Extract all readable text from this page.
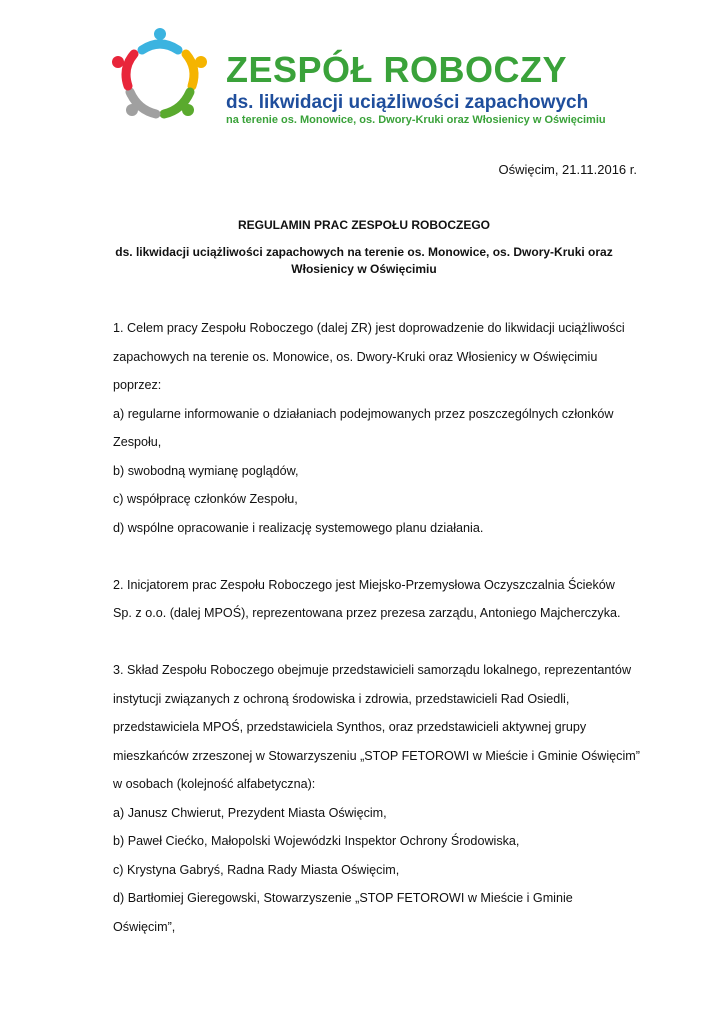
ZESPÓŁ ROBOCZY
ds. likwidacji uciążliwości zapachowych
na terenie os. Monowice, os. Dwory-Kruki oraz Włosienicy w Oświęcimiu
Oświęcim, 21.11.2016 r.
REGULAMIN PRAC ZESPOŁU ROBOCZEGO
ds. likwidacji uciążliwości zapachowych na terenie os. Monowice, os. Dwory-Kruki oraz
Włosienicy w Oświęcimiu

1. Celem pracy Zespołu Roboczego (dalej ZR) jest doprowadzenie do likwidacji uciążliwości

zapachowych na terenie os. Monowice, os. Dwory-Kruki oraz Włosienicy w Oświęcimiu

poprzez:

a) regularne informowanie o działaniach podejmowanych przez poszczególnych członków

Zespołu,

b) swobodną wymianę poglądów,

c) współpracę członków Zespołu,

d) wspólne opracowanie i realizację systemowego planu działania.

2. Inicjatorem prac Zespołu Roboczego jest Miejsko-Przemysłowa Oczyszczalnia Ścieków

Sp. z o.o. (dalej MPOŚ), reprezentowana przez prezesa zarządu, Antoniego Majcherczyka.

3. Skład Zespołu Roboczego obejmuje przedstawicieli samorządu lokalnego, reprezentantów

instytucji związanych z ochroną środowiska i zdrowia, przedstawicieli Rad Osiedli,

przedstawiciela MPOŚ, przedstawiciela Synthos, oraz przedstawicieli aktywnej grupy

mieszkańców zrzeszonej w Stowarzyszeniu „STOP FETOROWI w Mieście i Gminie Oświęcim”

w osobach (kolejność alfabetyczna):

a) Janusz Chwierut, Prezydent Miasta Oświęcim,

b) Paweł Ciećko, Małopolski Wojewódzki Inspektor Ochrony Środowiska,

c) Krystyna Gabryś, Radna Rady Miasta Oświęcim,

d) Bartłomiej Gieregowski, Stowarzyszenie „STOP FETOROWI w Mieście i Gminie

Oświęcim”,
